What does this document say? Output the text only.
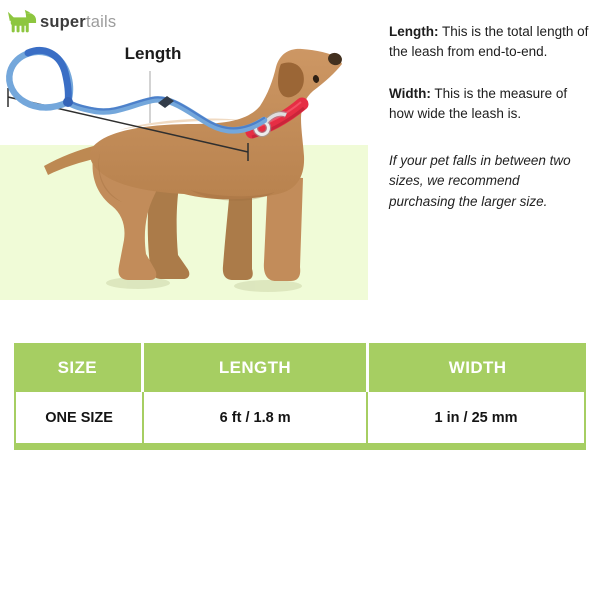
supertails
Length

Length: This is the total length of the leash from end-to-end.

Width: This is the measure of how wide the leash is.

If your pet falls in between two sizes, we recommend purchasing the larger size.

SIZE	LENGTH	WIDTH
ONE SIZE	6 ft / 1.8 m	1 in / 25 mm
